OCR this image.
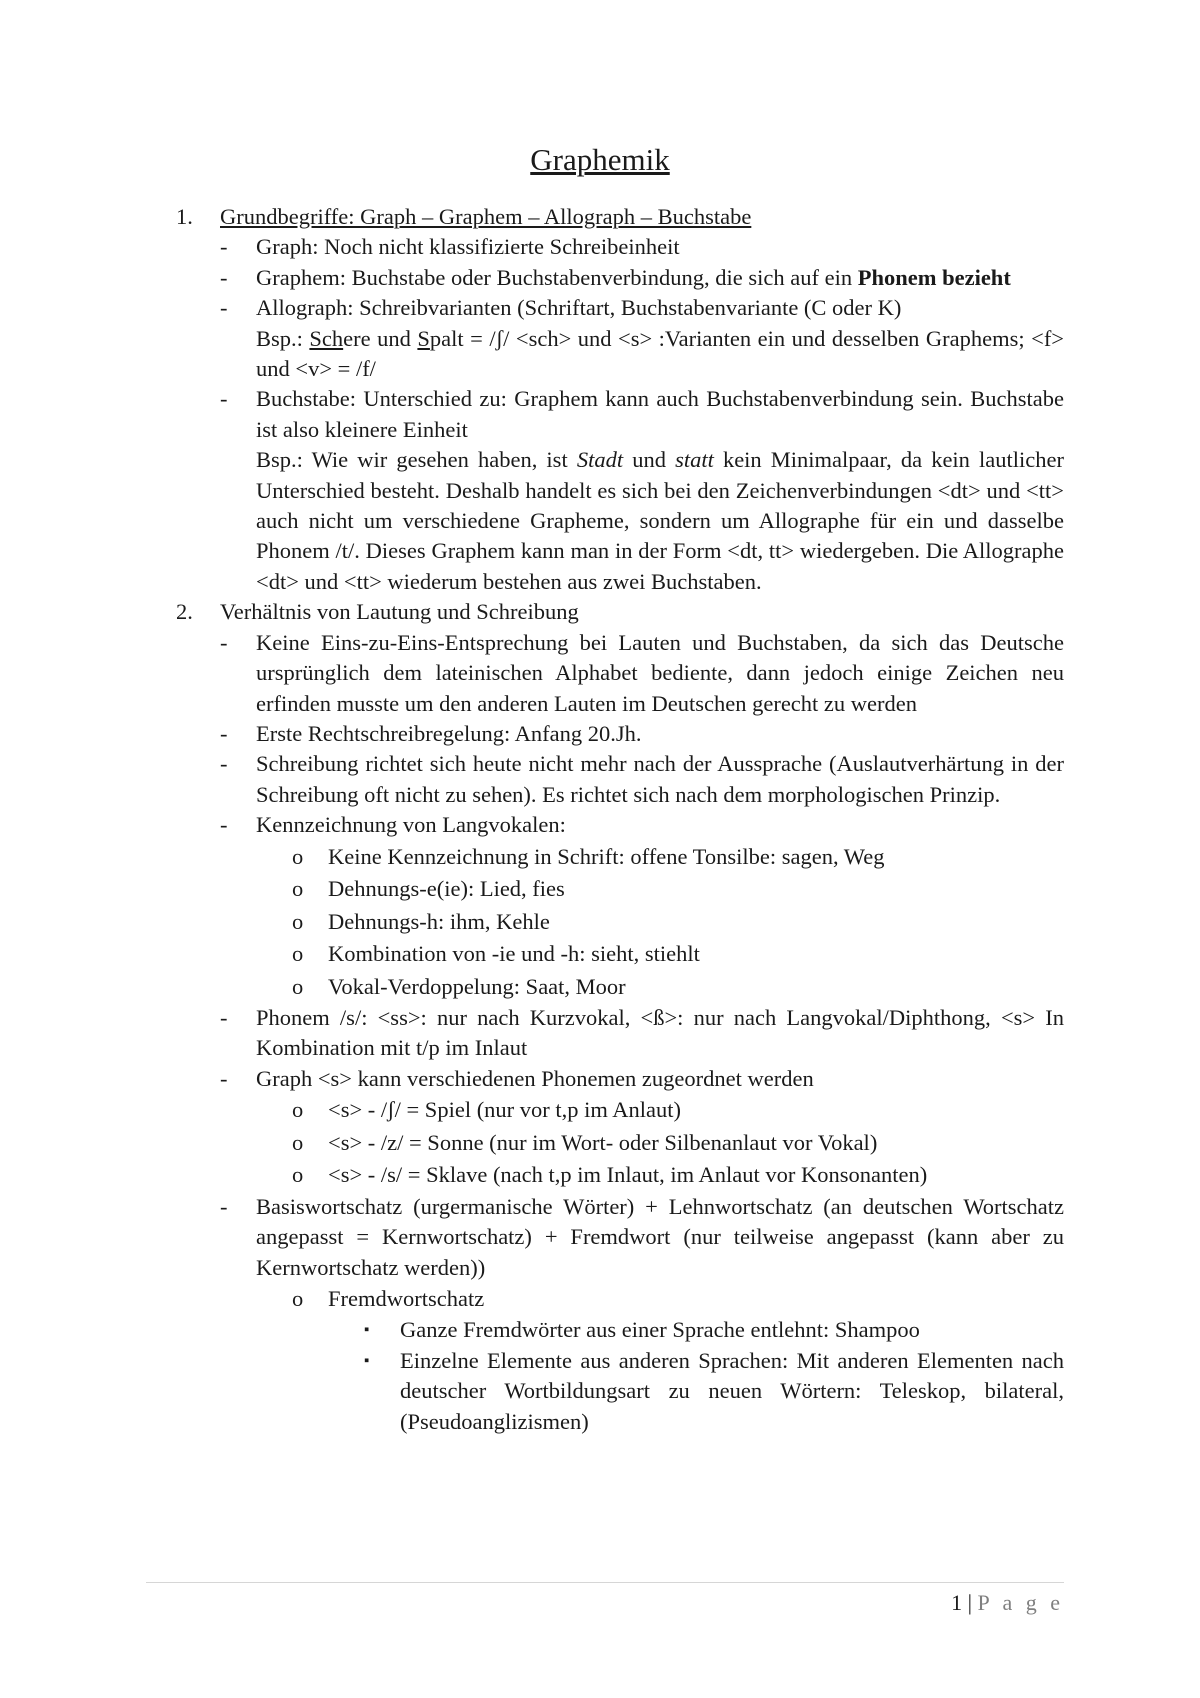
Graphemik
1.	Grundbegriffe: Graph – Graphem – Allograph – Buchstabe
-	Graph: Noch nicht klassifizierte Schreibeinheit
-	Graphem: Buchstabe oder Buchstabenverbindung, die sich auf ein Phonem bezieht
-	Allograph: Schreibvarianten (Schriftart, Buchstabenvariante (C oder K)
Bsp.: Schere und Spalt = /ʃ/ <sch> und <s> :Varianten ein und desselben Graphems; <f> und <v> = /f/
-	Buchstabe: Unterschied zu: Graphem kann auch Buchstabenverbindung sein. Buchstabe ist also kleinere Einheit
Bsp.: Wie wir gesehen haben, ist Stadt und statt kein Minimalpaar, da kein lautlicher Unterschied besteht. Deshalb handelt es sich bei den Zeichenverbindungen <dt> und <tt> auch nicht um verschiedene Grapheme, sondern um Allographe für ein und dasselbe Phonem /t/. Dieses Graphem kann man in der Form <dt, tt> wiedergeben. Die Allographe <dt> und <tt> wiederum bestehen aus zwei Buchstaben.
2.	Verhältnis von Lautung und Schreibung
-	Keine Eins-zu-Eins-Entsprechung bei Lauten und Buchstaben, da sich das Deutsche ursprünglich dem lateinischen Alphabet bediente, dann jedoch einige Zeichen neu erfinden musste um den anderen Lauten im Deutschen gerecht zu werden
-	Erste Rechtschreibregelung: Anfang 20.Jh.
-	Schreibung richtet sich heute nicht mehr nach der Aussprache (Auslautverhärtung in der Schreibung oft nicht zu sehen). Es richtet sich nach dem morphologischen Prinzip.
-	Kennzeichnung von Langvokalen:
o	Keine Kennzeichnung in Schrift: offene Tonsilbe: sagen, Weg
o	Dehnungs-e(ie): Lied, fies
o	Dehnungs-h: ihm, Kehle
o	Kombination von -ie und -h: sieht, stiehlt
o	Vokal-Verdoppelung: Saat, Moor
-	Phonem /s/: <ss>: nur nach Kurzvokal, <ß>: nur nach Langvokal/Diphthong, <s> In Kombination mit t/p im Inlaut
-	Graph <s> kann verschiedenen Phonemen zugeordnet werden
o	<s> - /ʃ/ = Spiel (nur vor t,p im Anlaut)
o	<s> - /z/ = Sonne (nur im Wort- oder Silbenanlaut vor Vokal)
o	<s> - /s/ = Sklave (nach t,p im Inlaut, im Anlaut vor Konsonanten)
-	Basiswortschatz (urgermanische Wörter) + Lehnwortschatz (an deutschen Wortschatz angepasst = Kernwortschatz) + Fremdwort (nur teilweise angepasst (kann aber zu Kernwortschatz werden))
o	Fremdwortschatz
▪	Ganze Fremdwörter aus einer Sprache entlehnt: Shampoo
▪	Einzelne Elemente aus anderen Sprachen: Mit anderen Elementen nach deutscher Wortbildungsart zu neuen Wörtern: Teleskop, bilateral, (Pseudoanglizismen)
1 | P a g e
